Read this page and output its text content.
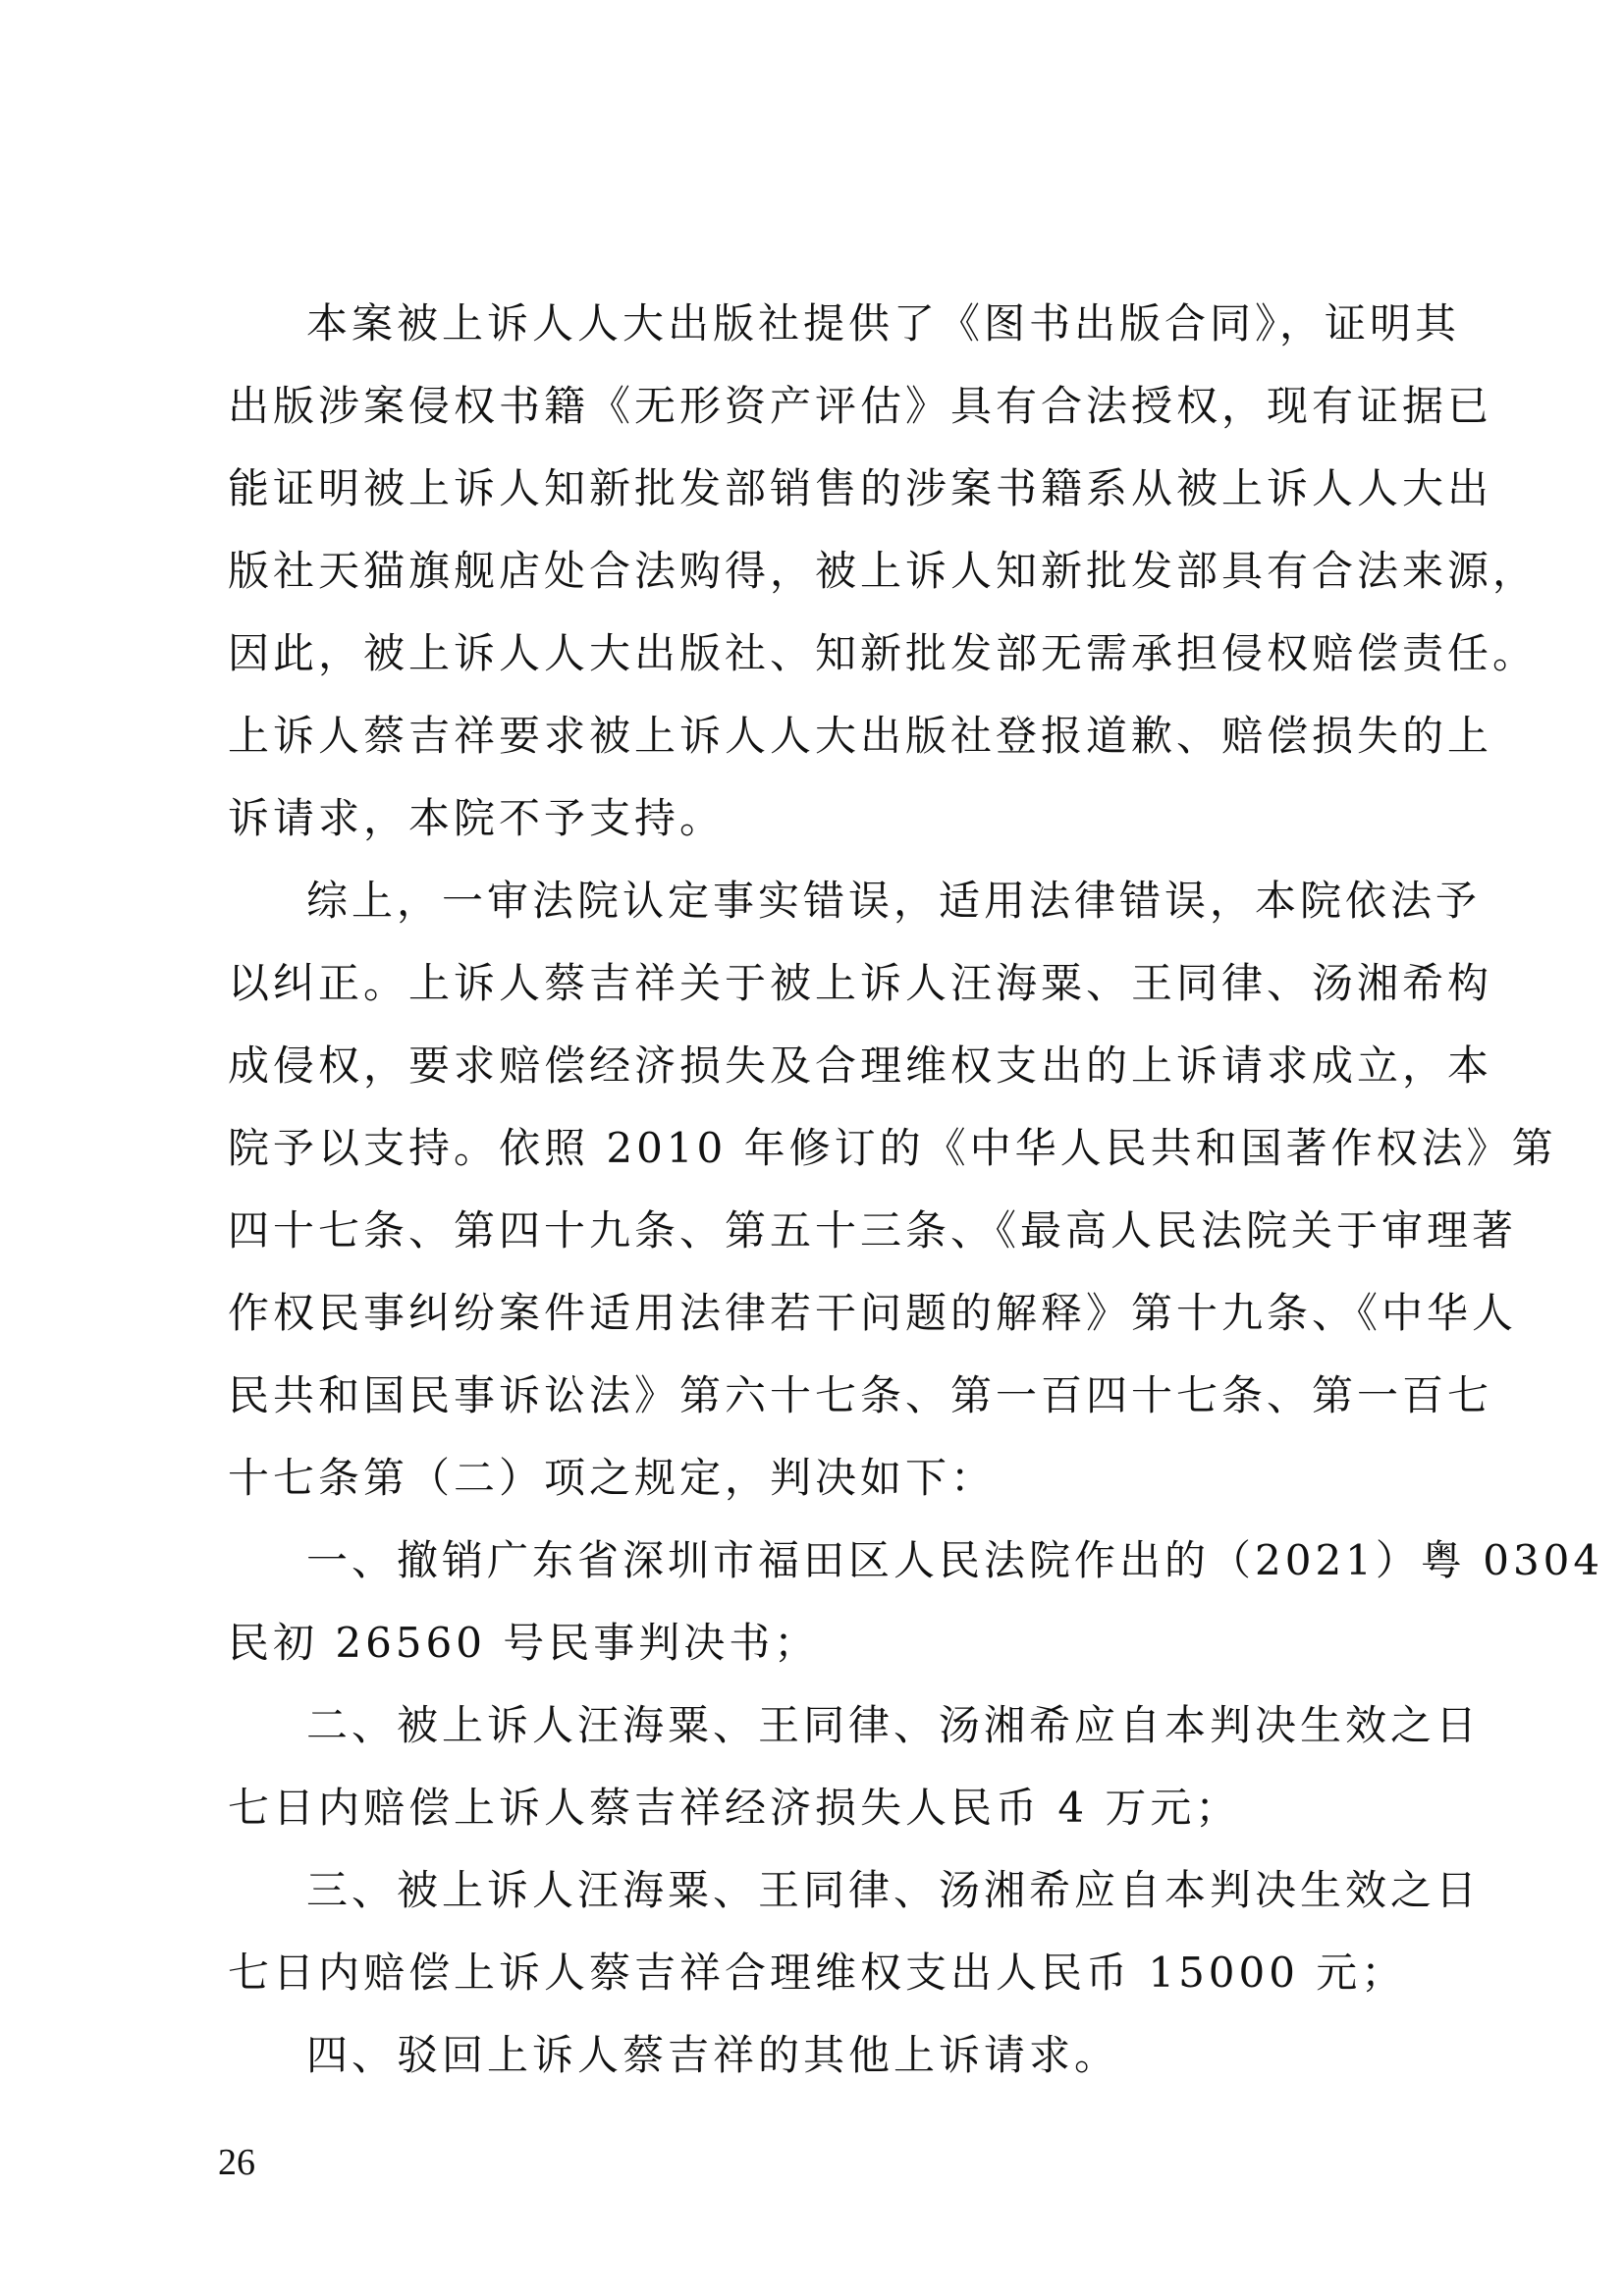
本案被上诉人人大出版社提供了《图书出版合同》，证明其
出版涉案侵权书籍《无形资产评估》具有合法授权，现有证据已
能证明被上诉人知新批发部销售的涉案书籍系从被上诉人人大出
版社天猫旗舰店处合法购得，被上诉人知新批发部具有合法来源，
因此，被上诉人人大出版社、知新批发部无需承担侵权赔偿责任。
上诉人蔡吉祥要求被上诉人人大出版社登报道歉、赔偿损失的上
诉请求，本院不予支持。
综上，一审法院认定事实错误，适用法律错误，本院依法予
以纠正。上诉人蔡吉祥关于被上诉人汪海粟、王同律、汤湘希构
成侵权，要求赔偿经济损失及合理维权支出的上诉请求成立，本
院予以支持。依照 2010 年修订的《中华人民共和国著作权法》第
四十七条、第四十九条、第五十三条、《最高人民法院关于审理著
作权民事纠纷案件适用法律若干问题的解释》第十九条、《中华人
民共和国民事诉讼法》第六十七条、第一百四十七条、第一百七
十七条第（二）项之规定，判决如下：
一、撤销广东省深圳市福田区人民法院作出的（2021）粤 0304
民初 26560 号民事判决书；
二、被上诉人汪海粟、王同律、汤湘希应自本判决生效之日
七日内赔偿上诉人蔡吉祥经济损失人民币 4 万元；
三、被上诉人汪海粟、王同律、汤湘希应自本判决生效之日
七日内赔偿上诉人蔡吉祥合理维权支出人民币 15000 元；
四、驳回上诉人蔡吉祥的其他上诉请求。
26
